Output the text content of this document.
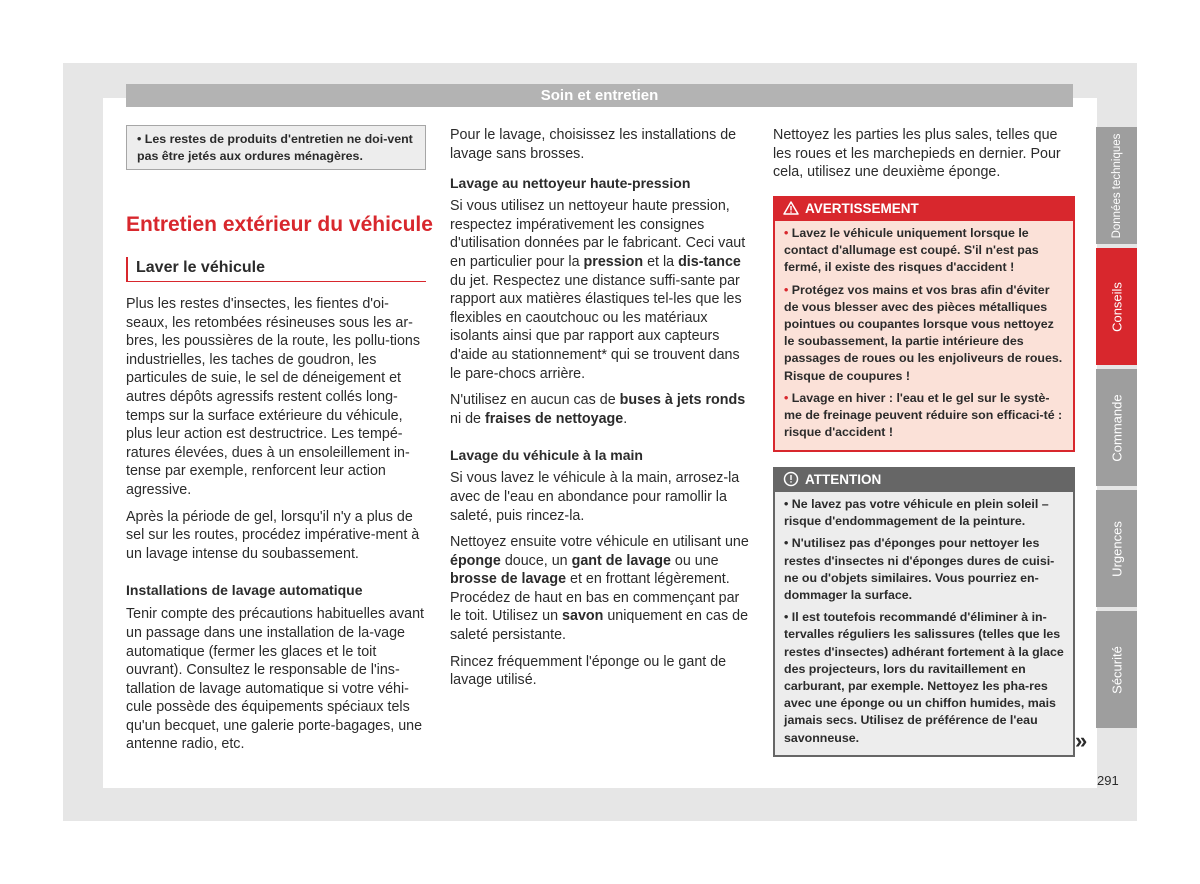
Soin et entretien
• Les restes de produits d'entretien ne doi-vent pas être jetés aux ordures ménagères.
Entretien extérieur du véhicule
Laver le véhicule

Plus les restes d'insectes, les fientes d'oi-seaux, les retombées résineuses sous les ar-bres, les poussières de la route, les pollu-tions industrielles, les taches de goudron, les particules de suie, le sel de déneigement et autres dépôts agressifs restent collés long-temps sur la surface extérieure du véhicule, plus leur action est destructrice. Les tempé-ratures élevées, dues à un ensoleillement in-tense par exemple, renforcent leur action agressive.

Après la période de gel, lorsqu'il n'y a plus de sel sur les routes, procédez impérative-ment à un lavage intense du soubassement.

Installations de lavage automatique

Tenir compte des précautions habituelles avant un passage dans une installation de la-vage automatique (fermer les glaces et le toit ouvrant). Consultez le responsable de l'ins-tallation de lavage automatique si votre véhi-cule possède des équipements spéciaux tels qu'un becquet, une galerie porte-bagages, une antenne radio, etc.

Pour le lavage, choisissez les installations de lavage sans brosses.

Lavage au nettoyeur haute-pression

Si vous utilisez un nettoyeur haute pression, respectez impérativement les consignes d'utilisation données par le fabricant. Ceci vaut en particulier pour la pression et la dis-tance du jet. Respectez une distance suffi-sante par rapport aux matières élastiques tel-les que les flexibles en caoutchouc ou les matériaux isolants ainsi que par rapport aux capteurs d'aide au stationnement* qui se trouvent dans le pare-chocs arrière.

N'utilisez en aucun cas de buses à jets ronds ni de fraises de nettoyage.

Lavage du véhicule à la main

Si vous lavez le véhicule à la main, arrosez-la avec de l'eau en abondance pour ramollir la saleté, puis rincez-la.

Nettoyez ensuite votre véhicule en utilisant une éponge douce, un gant de lavage ou une brosse de lavage et en frottant légèrement. Procédez de haut en bas en commençant par le toit. Utilisez un savon uniquement en cas de saleté persistante.

Rincez fréquemment l'éponge ou le gant de lavage utilisé.

Nettoyez les parties les plus sales, telles que les roues et les marchepieds en dernier. Pour cela, utilisez une deuxième éponge.

AVERTISSEMENT
• Lavez le véhicule uniquement lorsque le contact d'allumage est coupé. S'il n'est pas fermé, il existe des risques d'accident !
• Protégez vos mains et vos bras afin d'éviter de vous blesser avec des pièces métalliques pointues ou coupantes lorsque vous nettoyez le soubassement, la partie intérieure des passages de roues ou les enjoliveurs de roues. Risque de coupures !
• Lavage en hiver : l'eau et le gel sur le systè-me de freinage peuvent réduire son efficaci-té : risque d'accident !
ATTENTION
• Ne lavez pas votre véhicule en plein soleil – risque d'endommagement de la peinture.
• N'utilisez pas d'éponges pour nettoyer les restes d'insectes ni d'éponges dures de cuisi-ne ou d'objets similaires. Vous pourriez en-dommager la surface.
• Il est toutefois recommandé d'éliminer à in-tervalles réguliers les salissures (telles que les restes d'insectes) adhérant fortement à la glace des projecteurs, lors du ravitaillement en carburant, par exemple. Nettoyez les pha-res avec une éponge ou un chiffon humides, mais jamais secs. Utilisez de préférence de l'eau savonneuse.
Données techniques
Conseils
Commande
Urgences
Sécurité
»
291
